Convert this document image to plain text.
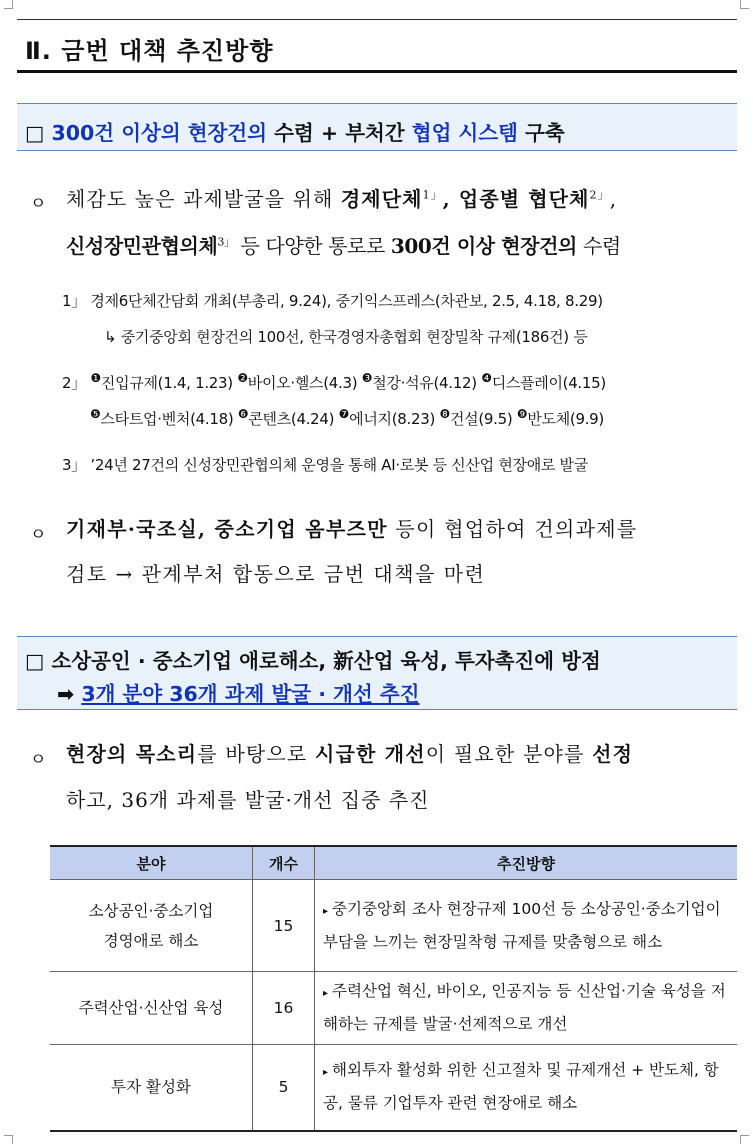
Ⅱ. 금번 대책 추진방향
□ 300건 이상의 현장건의 수렴 + 부처간 협업 시스템 구축
ㅇ 체감도 높은 과제발굴을 위해 경제단체$^{1」}$, 업종별 협단체$^{2」}$,
신성장민관협의체$^{3」}$ 등 다양한 통로로 300건 이상 현장건의 수렴
1」 경제6단체간담회 개최(부총리, 9.24), 중기익스프레스(차관보, 2.5, 4.18, 8.29)
↳ 중기중앙회 현장건의 100선, 한국경영자총협회 현장밀착 규제(186건) 등
2」 $^❶$진입규제(1.4, 1.23) $^❷$바이오·헬스(4.3) $^❸$철강·석유(4.12) $^❹$디스플레이(4.15)
$^❺$스타트업·벤처(4.18) $^❻$콘텐츠(4.24) $^❼$에너지(8.23) $^❽$건설(9.5) $^❾$반도체(9.9)
3」 ’24년 27건의 신성장민관협의체 운영을 통해 AI·로봇 등 신산업 현장애로 발굴
ㅇ 기재부·국조실, 중소기업 옴부즈만 등이 협업하여 건의과제를
검토 → 관계부처 합동으로 금번 대책을 마련
□ 소상공인 · 중소기업 애로해소, 新산업 육성, 투자촉진에 방점
➡ 3개 분야 36개 과제 발굴 · 개선 추진
ㅇ 현장의 목소리를 바탕으로 시급한 개선이 필요한 분야를 선정
하고, 36개 과제를 발굴·개선 집중 추진
분야	개수	추진방향

소상공인·중소기업
경영애로 해소	15	▸ 중기중앙회 조사 현장규제 100선 등 소상공인·중소기업이 부담을 느끼는 현장밀착형 규제를 맞춤형으로 해소

주력산업·신산업 육성	16	▸ 주력산업 혁신, 바이오, 인공지능 등 신산업·기술 육성을 저해하는 규제를 발굴·선제적으로 개선

투자 활성화	5	▸ 해외투자 활성화 위한 신고절차 및 규제개선 + 반도체, 항공, 물류 기업투자 관련 현장애로 해소
